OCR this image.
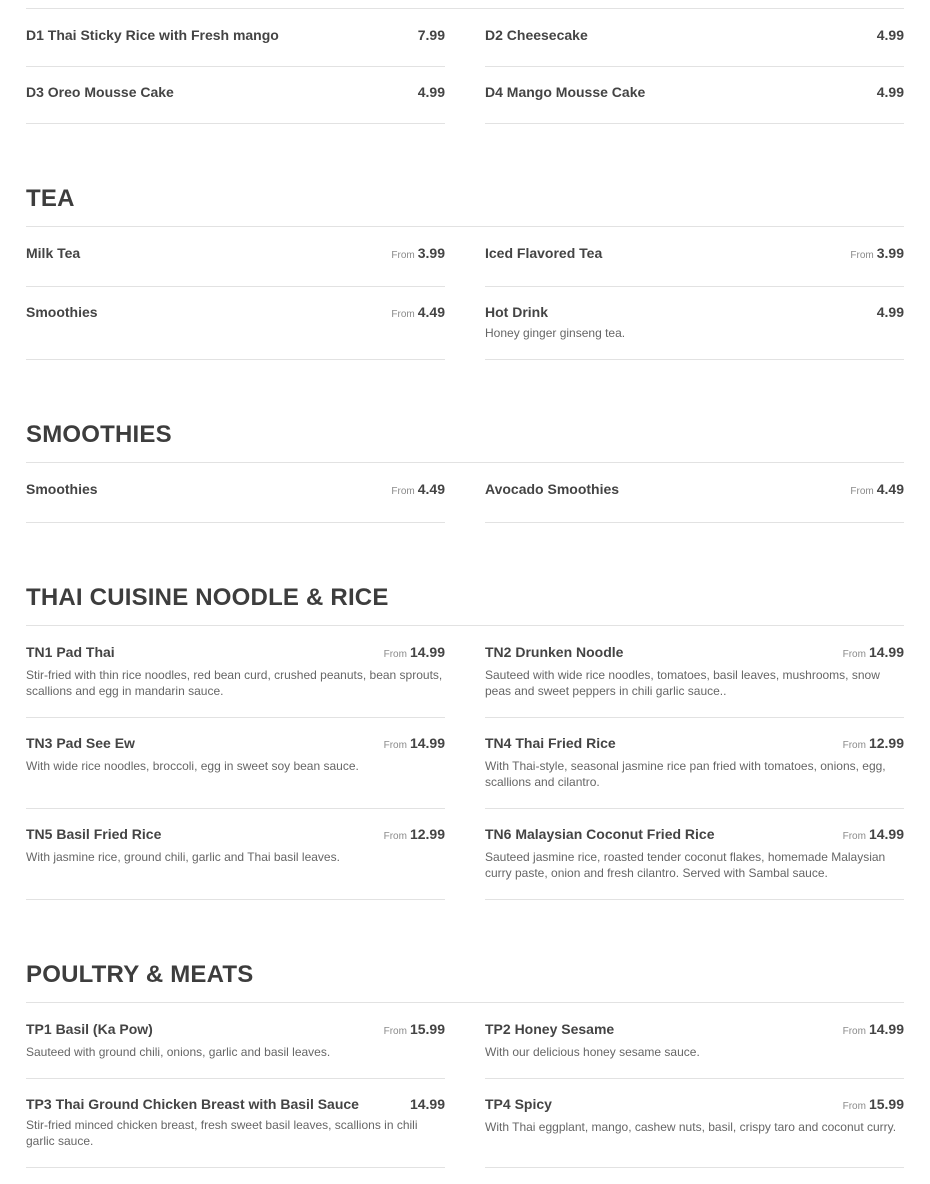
D1 Thai Sticky Rice with Fresh mango	7.99	D2 Cheesecake	4.99
D3 Oreo Mousse Cake	4.99	D4 Mango Mousse Cake	4.99
TEA
Milk Tea	From 3.99	Iced Flavored Tea	From 3.99
Smoothies	From 4.49	Hot Drink	4.99
Honey ginger ginseng tea.
SMOOTHIES
Smoothies	From 4.49	Avocado Smoothies	From 4.49
THAI CUISINE NOODLE & RICE
TN1 Pad Thai	From 14.99
Stir-fried with thin rice noodles, red bean curd, crushed peanuts, bean sprouts, scallions and egg in mandarin sauce.
TN2 Drunken Noodle	From 14.99
Sauteed with wide rice noodles, tomatoes, basil leaves, mushrooms, snow peas and sweet peppers in chili garlic sauce..
TN3 Pad See Ew	From 14.99
With wide rice noodles, broccoli, egg in sweet soy bean sauce.
TN4 Thai Fried Rice	From 12.99
With Thai-style, seasonal jasmine rice pan fried with tomatoes, onions, egg, scallions and cilantro.
TN5 Basil Fried Rice	From 12.99
With jasmine rice, ground chili, garlic and Thai basil leaves.
TN6 Malaysian Coconut Fried Rice	From 14.99
Sauteed jasmine rice, roasted tender coconut flakes, homemade Malaysian curry paste, onion and fresh cilantro. Served with Sambal sauce.
POULTRY & MEATS
TP1 Basil (Ka Pow)	From 15.99
Sauteed with ground chili, onions, garlic and basil leaves.
TP2 Honey Sesame	From 14.99
With our delicious honey sesame sauce.
TP3 Thai Ground Chicken Breast with Basil Sauce	14.99
Stir-fried minced chicken breast, fresh sweet basil leaves, scallions in chili garlic sauce.
TP4 Spicy	From 15.99
With Thai eggplant, mango, cashew nuts, basil, crispy taro and coconut curry.
